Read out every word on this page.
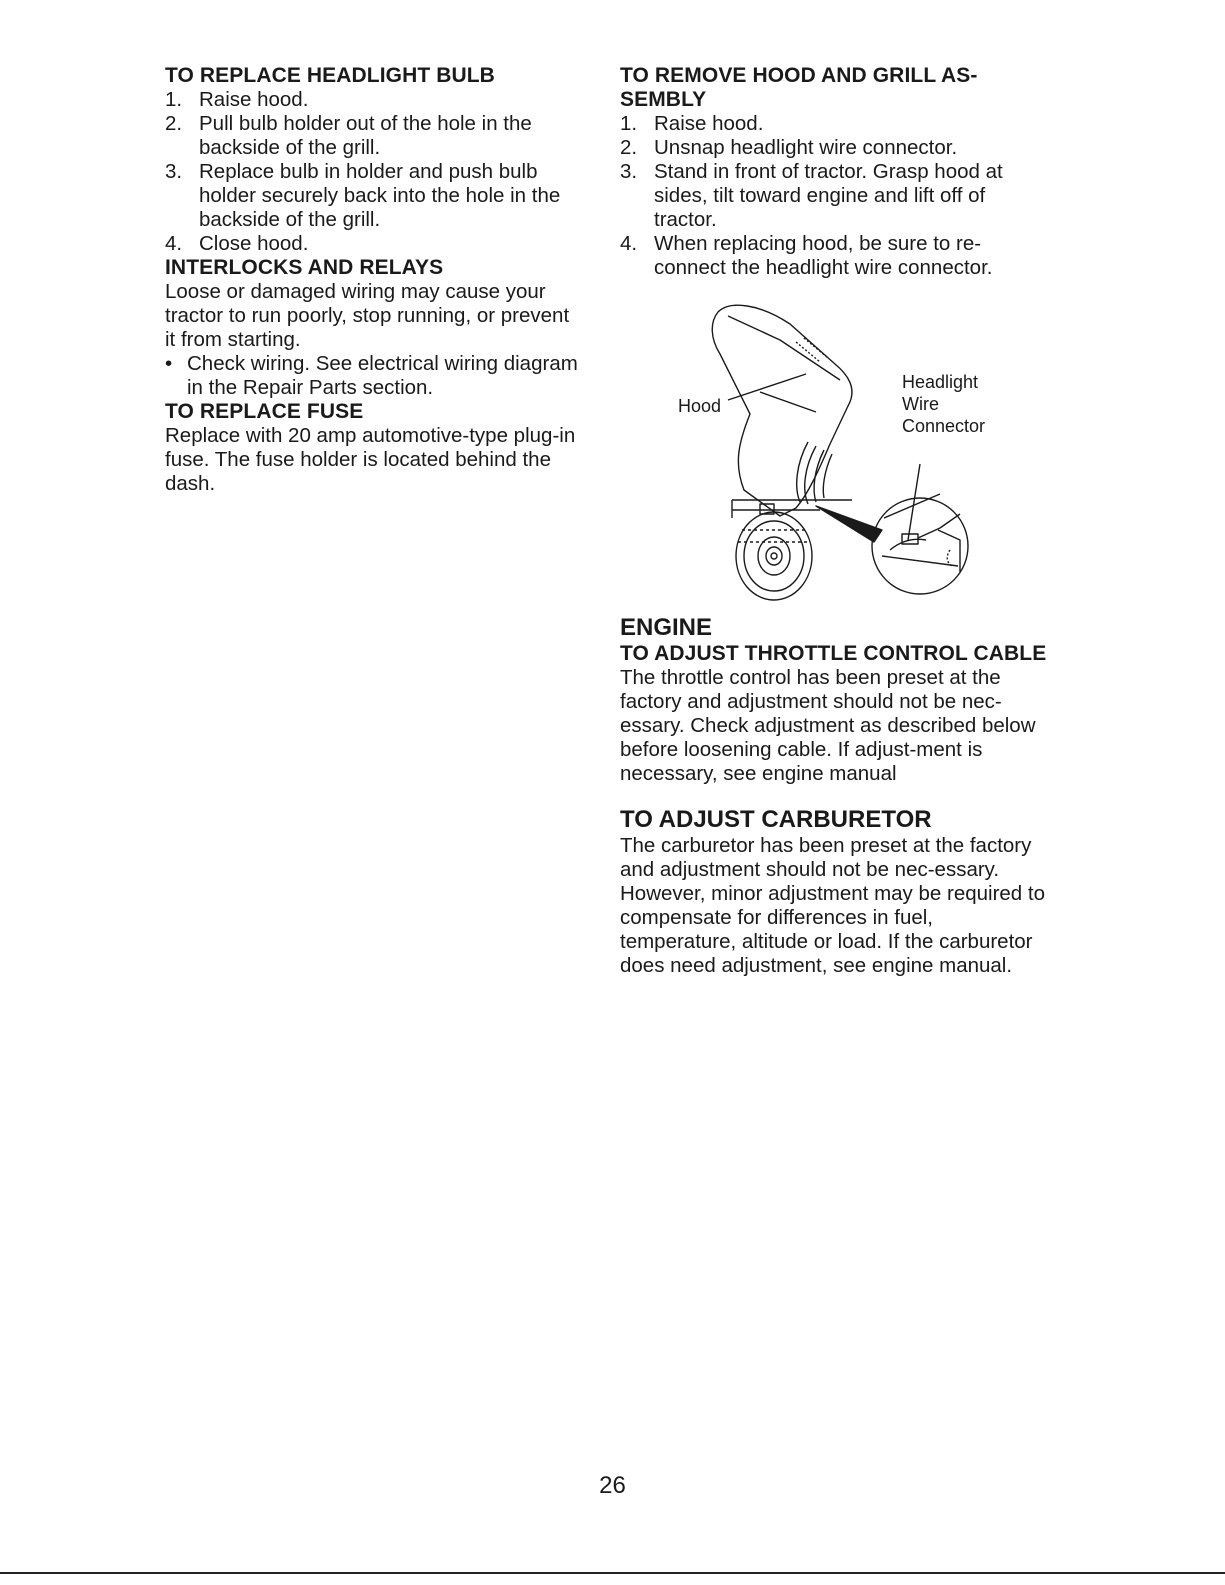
TO REPLACE HEADLIGHT BULB
1. Raise hood.
2. Pull bulb holder out of the hole in the backside of the grill.
3. Replace bulb in holder and push bulb holder securely back into the hole in the backside of the grill.
4. Close hood.
INTERLOCKS AND RELAYS

Loose or damaged wiring may cause your tractor to run poorly, stop running, or prevent it from starting.

• Check wiring. See electrical wiring diagram in the Repair Parts section.
TO REPLACE FUSE

Replace with 20 amp automotive-type plug-in fuse. The fuse holder is located behind the dash.

TO REMOVE HOOD AND GRILL AS-SEMBLY
1. Raise hood.
2. Unsnap headlight wire connector.
3. Stand in front of tractor. Grasp hood at sides, tilt toward engine and lift off of tractor.
4. When replacing hood, be sure to re-connect the headlight wire connector.
Hood
Headlight
Wire
Connector
ENGINE
TO ADJUST THROTTLE CONTROL CABLE

The throttle control has been preset at the factory and adjustment should not be nec-essary. Check adjustment as described below before loosening cable. If adjust-ment is necessary, see engine manual

TO ADJUST CARBURETOR

The carburetor has been preset at the factory and adjustment should not be nec-essary. However, minor adjustment may be required to compensate for differences in fuel, temperature, altitude or load. If the carburetor does need adjustment, see engine manual.

26
